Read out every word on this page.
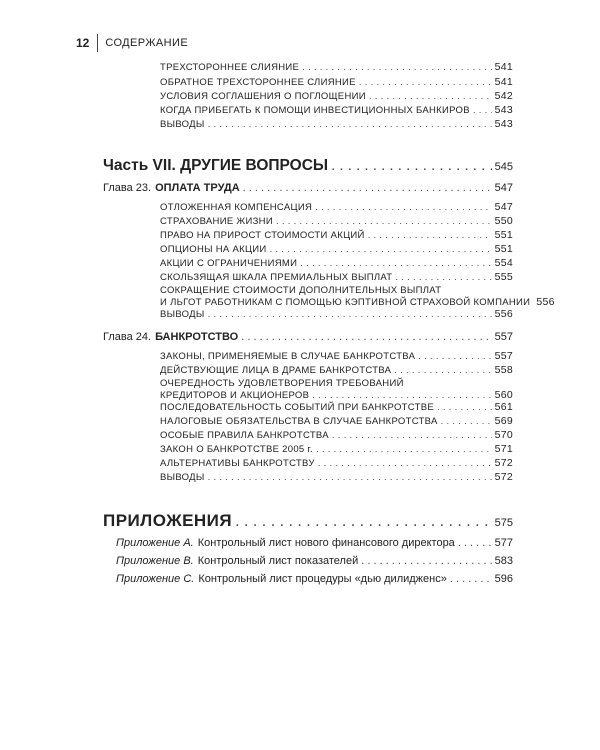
12 СОДЕРЖАНИЕ
ТРЕХСТОРОННЕЕ СЛИЯНИЕ . . .	541
ОБРАТНОЕ ТРЕХСТОРОННЕЕ СЛИЯНИЕ . . .	541
УСЛОВИЯ СОГЛАШЕНИЯ О ПОГЛОЩЕНИИ . . .	542
КОГДА ПРИБЕГАТЬ К ПОМОЩИ ИНВЕСТИЦИОННЫХ БАНКИРОВ . . . 543
ВЫВОДЫ . . .	543
Часть VII. ДРУГИЕ ВОПРОСЫ . . .	545
Глава 23. ОПЛАТА ТРУДА . . .	547
ОТЛОЖЕННАЯ КОМПЕНСАЦИЯ . . .	547
СТРАХОВАНИЕ ЖИЗНИ . . .	550
ПРАВО НА ПРИРОСТ СТОИМОСТИ АКЦИЙ . . .	551
ОПЦИОНЫ НА АКЦИИ . . .	551
АКЦИИ С ОГРАНИЧЕНИЯМИ . . .	554
СКОЛЬЗЯЩАЯ ШКАЛА ПРЕМИАЛЬНЫХ ВЫПЛАТ . . .	555
СОКРАЩЕНИЕ СТОИМОСТИ ДОПОЛНИТЕЛЬНЫХ ВЫПЛАТ
И ЛЬГОТ РАБОТНИКАМ С ПОМОЩЬЮ КЭПТИВНОЙ СТРАХОВОЙ КОМПАНИИ 556
ВЫВОДЫ . . .	556
Глава 24. БАНКРОТСТВО . . .	557
ЗАКОНЫ, ПРИМЕНЯЕМЫЕ В СЛУЧАЕ БАНКРОТСТВА . . .	557
ДЕЙСТВУЮЩИЕ ЛИЦА В ДРАМЕ БАНКРОТСТВА . . .	558
ОЧЕРЕДНОСТЬ УДОВЛЕТВОРЕНИЯ ТРЕБОВАНИЙ
КРЕДИТОРОВ И АКЦИОНЕРОВ . . .	560
ПОСЛЕДОВАТЕЛЬНОСТЬ СОБЫТИЙ ПРИ БАНКРОТСТВЕ . . .	561
НАЛОГОВЫЕ ОБЯЗАТЕЛЬСТВА В СЛУЧАЕ БАНКРОТСТВА . . .	569
ОСОБЫЕ ПРАВИЛА БАНКРОТСТВА . . .	570
ЗАКОН О БАНКРОТСТВЕ 2005 г. . . .	571
АЛЬТЕРНАТИВЫ БАНКРОТСТВУ . . .	572
ВЫВОДЫ . . .	572
ПРИЛОЖЕНИЯ . . .	575
Приложение А. Контрольный лист нового финансового директора . . .	577
Приложение В. Контрольный лист показателей . . .	583
Приложение С. Контрольный лист процедуры «дью дилидженс» . . .	596
